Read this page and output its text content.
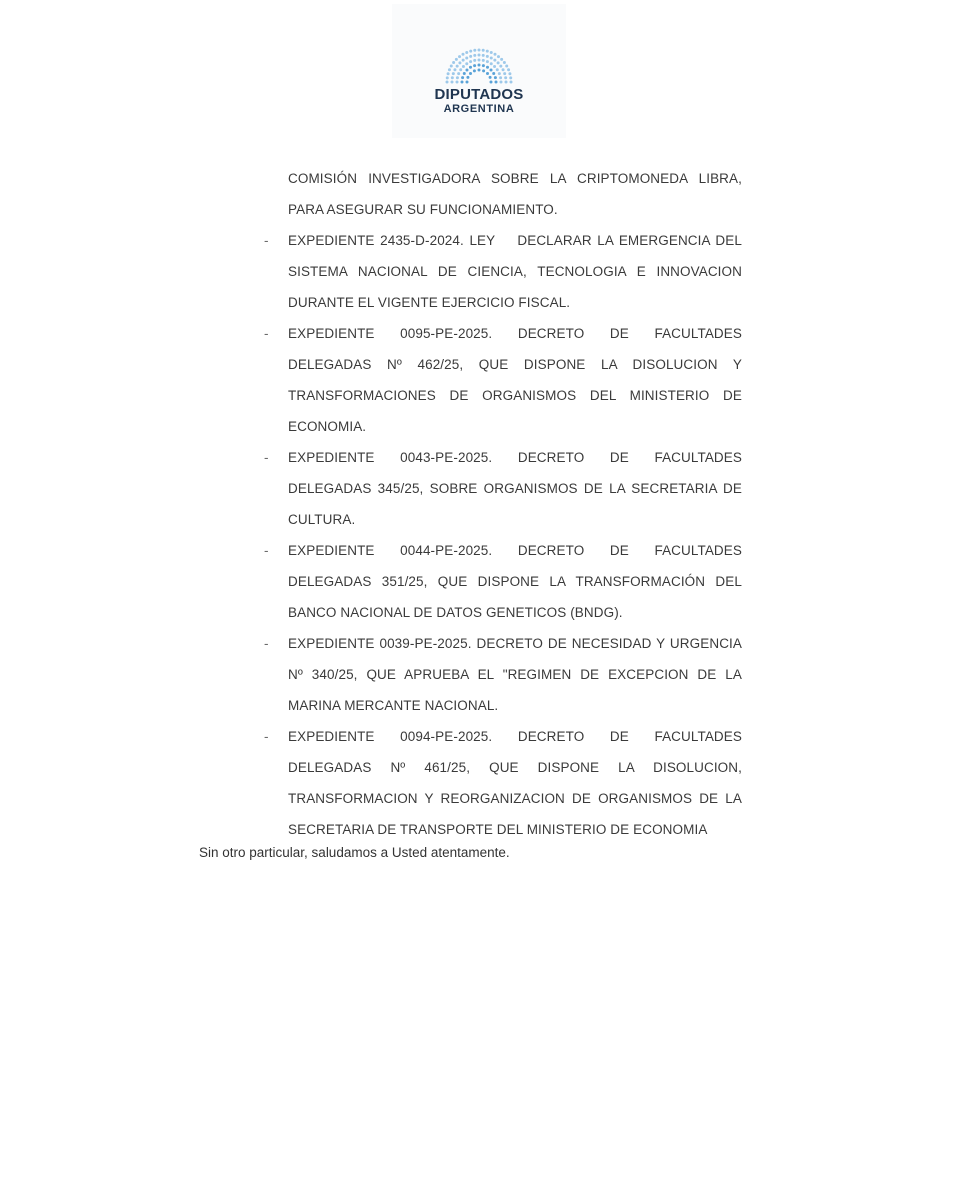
DIPUTADOS
ARGENTINA
COMISIÓN INVESTIGADORA SOBRE LA CRIPTOMONEDA LIBRA, PARA ASEGURAR SU FUNCIONAMIENTO.
-	EXPEDIENTE 2435-D-2024. LEY    DECLARAR LA EMERGENCIA DEL SISTEMA NACIONAL DE CIENCIA, TECNOLOGIA E INNOVACION DURANTE EL VIGENTE EJERCICIO FISCAL.
-	EXPEDIENTE 0095-PE-2025. DECRETO DE FACULTADES DELEGADAS Nº 462/25, QUE DISPONE LA DISOLUCION Y TRANSFORMACIONES DE ORGANISMOS DEL MINISTERIO DE ECONOMIA.
-	EXPEDIENTE 0043-PE-2025. DECRETO DE FACULTADES DELEGADAS 345/25, SOBRE ORGANISMOS DE LA SECRETARIA DE CULTURA.
-	EXPEDIENTE 0044-PE-2025. DECRETO DE FACULTADES DELEGADAS 351/25, QUE DISPONE LA TRANSFORMACIÓN DEL BANCO NACIONAL DE DATOS GENETICOS (BNDG).
-	EXPEDIENTE 0039-PE-2025. DECRETO DE NECESIDAD Y URGENCIA Nº 340/25, QUE APRUEBA EL "REGIMEN DE EXCEPCION DE LA MARINA MERCANTE NACIONAL.
-	EXPEDIENTE 0094-PE-2025. DECRETO DE FACULTADES DELEGADAS Nº 461/25, QUE DISPONE LA DISOLUCION, TRANSFORMACION Y REORGANIZACION DE ORGANISMOS DE LA SECRETARIA DE TRANSPORTE DEL MINISTERIO DE ECONOMIA
Sin otro particular, saludamos a Usted atentamente.
